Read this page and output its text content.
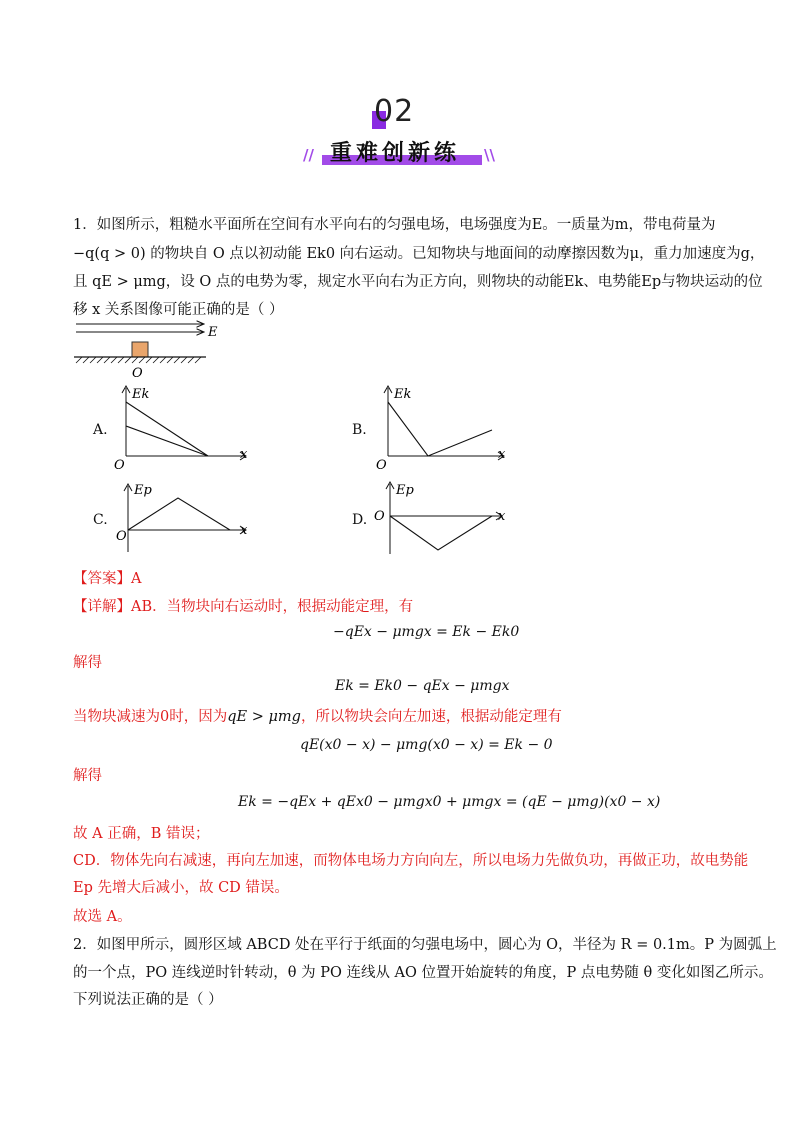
02
// 重难创新练 \\
1．如图所示，粗糙水平面所在空间有水平向右的匀强电场，电场强度为E。一质量为m，带电荷量为
−q(q > 0) 的物块自 O 点以初动能 Ek0 向右运动。已知物块与地面间的动摩擦因数为μ，重力加速度为g，
且 qE > μmg，设 O 点的电势为零，规定水平向右为正方向，则物块的动能Ek、电势能Ep与物块运动的位
移 x 关系图像可能正确的是（ ）
E
O
A.
Ek
O
x
B.
Ek
O
x
C.
Ep
O	x
D.
Ep
O	x
【答案】A
【详解】AB．当物块向右运动时，根据动能定理，有
−qEx − μmgx = Ek − Ek0
解得
Ek = Ek0 − qEx − μmgx
当物块减速为0时，因为qE > μmg，所以物块会向左加速，根据动能定理有
qE(x0 − x) − μmg(x0 − x) = Ek − 0
解得
Ek = −qEx + qEx0 − μmgx0 + μmgx = (qE − μmg)(x0 − x)
故 A 正确，B 错误；
CD．物体先向右减速，再向左加速，而物体电场力方向向左，所以电场力先做负功，再做正功，故电势能
Ep 先增大后减小，故 CD 错误。
故选 A。
2．如图甲所示，圆形区域 ABCD 处在平行于纸面的匀强电场中，圆心为 O，半径为 R = 0.1m。P 为圆弧上
的一个点，PO 连线逆时针转动，θ 为 PO 连线从 AO 位置开始旋转的角度，P 点电势随 θ 变化如图乙所示。
下列说法正确的是（ ）
